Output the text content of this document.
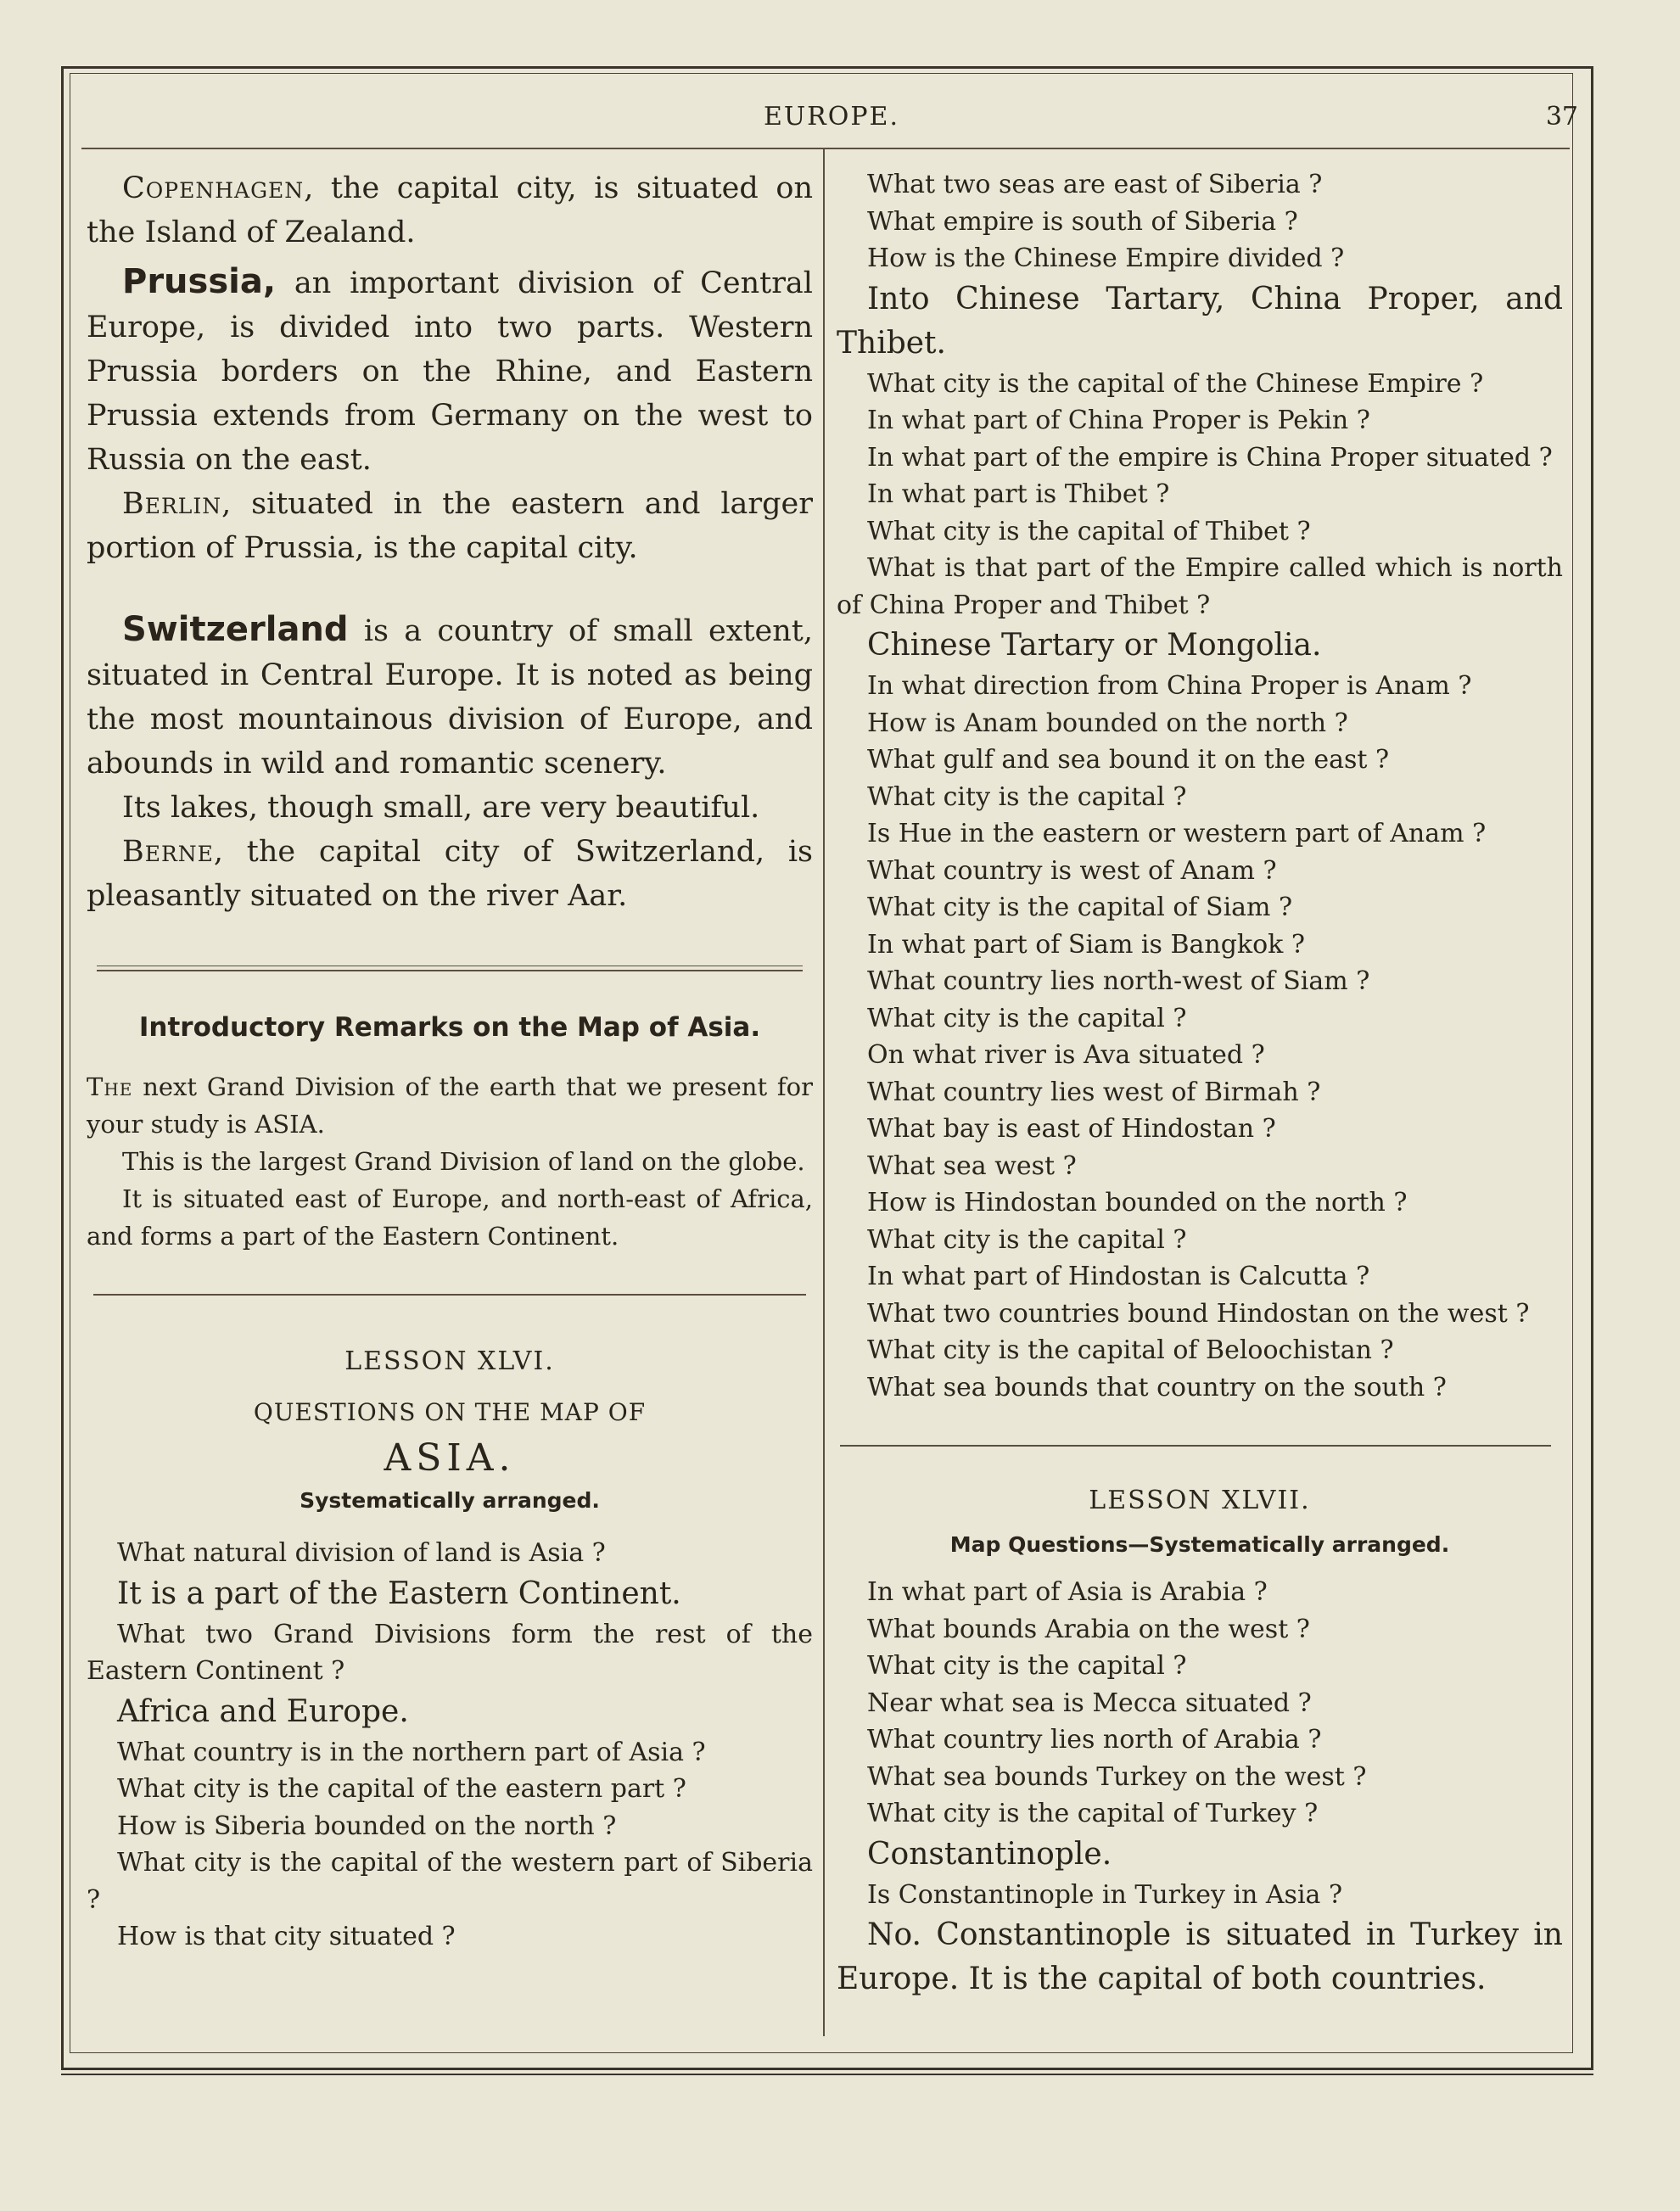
EUROPE.	37

Copenhagen, the capital city, is situated on the Island of Zealand.

Prussia, an important division of Central Europe, is divided into two parts. Western Prussia borders on the Rhine, and Eastern Prussia extends from Germany on the west to Russia on the east.

Berlin, situated in the eastern and larger portion of Prussia, is the capital city.

Switzerland is a country of small extent, situated in Central Europe. It is noted as being the most mountainous division of Europe, and abounds in wild and romantic scenery.

Its lakes, though small, are very beautiful.

Berne, the capital city of Switzerland, is pleasantly situated on the river Aar.

Introductory Remarks on the Map of Asia.

The next Grand Division of the earth that we present for your study is ASIA.

This is the largest Grand Division of land on the globe.

It is situated east of Europe, and north-east of Africa, and forms a part of the Eastern Continent.

LESSON XLVI.

QUESTIONS ON THE MAP OF

ASIA.

Systematically arranged.

What natural division of land is Asia ?

It is a part of the Eastern Continent.

What two Grand Divisions form the rest of the Eastern Continent ?

Africa and Europe.

What country is in the northern part of Asia ?

What city is the capital of the eastern part ?

How is Siberia bounded on the north ?

What city is the capital of the western part of Siberia ?

How is that city situated ?

What two seas are east of Siberia ?

What empire is south of Siberia ?

How is the Chinese Empire divided ?

Into Chinese Tartary, China Proper, and Thibet.

What city is the capital of the Chinese Empire ?

In what part of China Proper is Pekin ?

In what part of the empire is China Proper situated ?

In what part is Thibet ?

What city is the capital of Thibet ?

What is that part of the Empire called which is north of China Proper and Thibet ?

Chinese Tartary or Mongolia.

In what direction from China Proper is Anam ?

How is Anam bounded on the north ?

What gulf and sea bound it on the east ?

What city is the capital ?

Is Hue in the eastern or western part of Anam ?

What country is west of Anam ?

What city is the capital of Siam ?

In what part of Siam is Bangkok ?

What country lies north-west of Siam ?

What city is the capital ?

On what river is Ava situated ?

What country lies west of Birmah ?

What bay is east of Hindostan ?

What sea west ?

How is Hindostan bounded on the north ?

What city is the capital ?

In what part of Hindostan is Calcutta ?

What two countries bound Hindostan on the west ?

What city is the capital of Beloochistan ?

What sea bounds that country on the south ?

LESSON XLVII.

Map Questions—Systematically arranged.

In what part of Asia is Arabia ?

What bounds Arabia on the west ?

What city is the capital ?

Near what sea is Mecca situated ?

What country lies north of Arabia ?

What sea bounds Turkey on the west ?

What city is the capital of Turkey ?

Constantinople.

Is Constantinople in Turkey in Asia ?

No. Constantinople is situated in Turkey in Europe. It is the capital of both countries.
